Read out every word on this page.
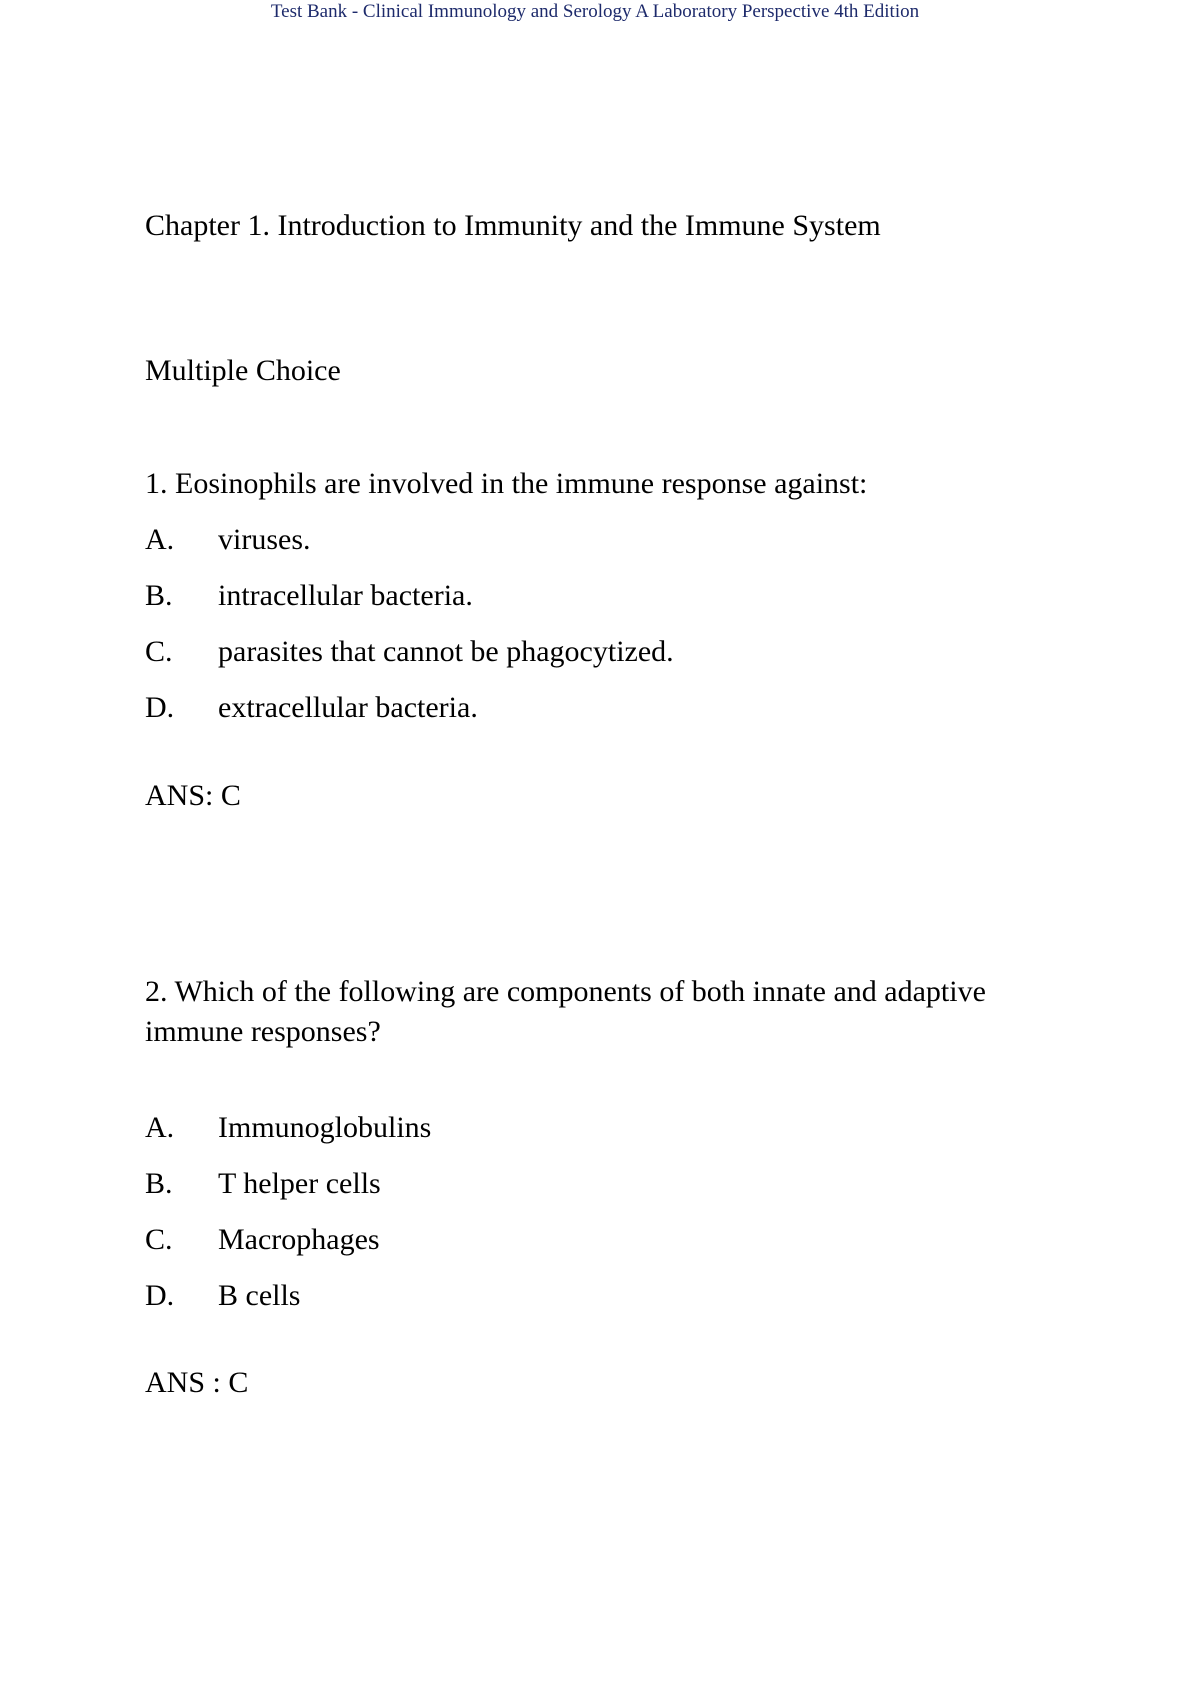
Test Bank - Clinical Immunology and Serology A Laboratory Perspective 4th Edition
Chapter 1. Introduction to Immunity and the Immune System
Multiple Choice

1. Eosinophils are involved in the immune response against:

A.	viruses.
B.	intracellular bacteria.
C.	parasites that cannot be phagocytized.
D.	extracellular bacteria.
ANS: C

2. Which of the following are components of both innate and adaptive immune responses?

A.	Immunoglobulins
B.	T helper cells
C.	Macrophages
D.	B cells
ANS : C
